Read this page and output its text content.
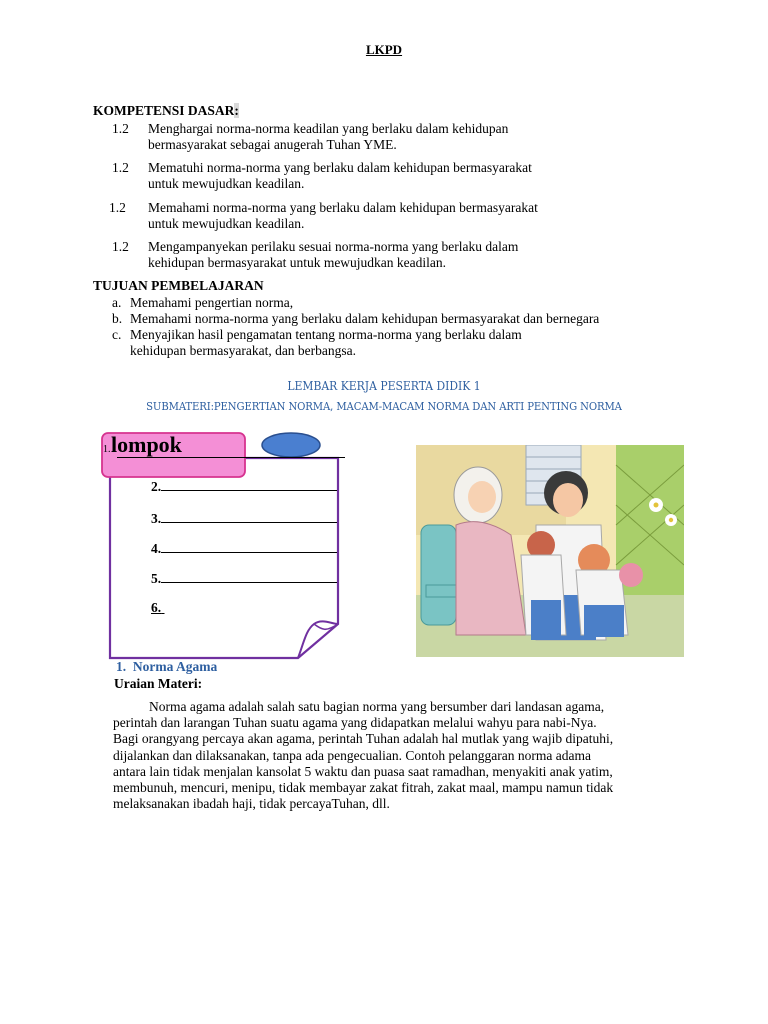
LKPD
KOMPETENSI DASAR:
1.2 Menghargai norma-norma keadilan yang berlaku dalam kehidupan
bermasyarakat sebagai anugerah Tuhan YME.
1.2 Mematuhi norma-norma yang berlaku dalam kehidupan bermasyarakat
untuk mewujudkan keadilan.
1.2 Memahami norma-norma yang berlaku dalam kehidupan bermasyarakat
untuk mewujudkan keadilan.
1.2 Mengampanyekan perilaku sesuai norma-norma yang berlaku dalam
kehidupan bermasyarakat untuk mewujudkan keadilan.
TUJUAN PEMBELAJARAN
a. Memahami pengertian norma,
b. Memahami norma-norma yang berlaku dalam kehidupan bermasyarakat dan bernegara
c. Menyajikan hasil pengamatan tentang norma-norma yang berlaku dalam
kehidupan bermasyarakat, dan berbangsa.
LEMBAR KERJA PESERTA DIDIK 1
SUBMATERI:PENGERTIAN NORMA, MACAM-MACAM NORMA DAN ARTI PENTING NORMA
1. lompok
2.
3.
4.
5.
6.
1. Norma Agama
Uraian Materi:
Norma agama adalah salah satu bagian norma yang bersumber dari landasan agama,
perintah dan larangan Tuhan suatu agama yang didapatkan melalui wahyu para nabi-Nya.
Bagi orangyang percaya akan agama, perintah Tuhan adalah hal mutlak yang wajib dipatuhi,
dijalankan dan dilaksanakan, tanpa ada pengecualian. Contoh pelanggaran norma adama
antara lain tidak menjalan kansolat 5 waktu dan puasa saat ramadhan, menyakiti anak yatim,
membunuh, mencuri, menipu, tidak membayar zakat fitrah, zakat maal, mampu namun tidak
melaksanakan ibadah haji, tidak percayaTuhan, dll.
